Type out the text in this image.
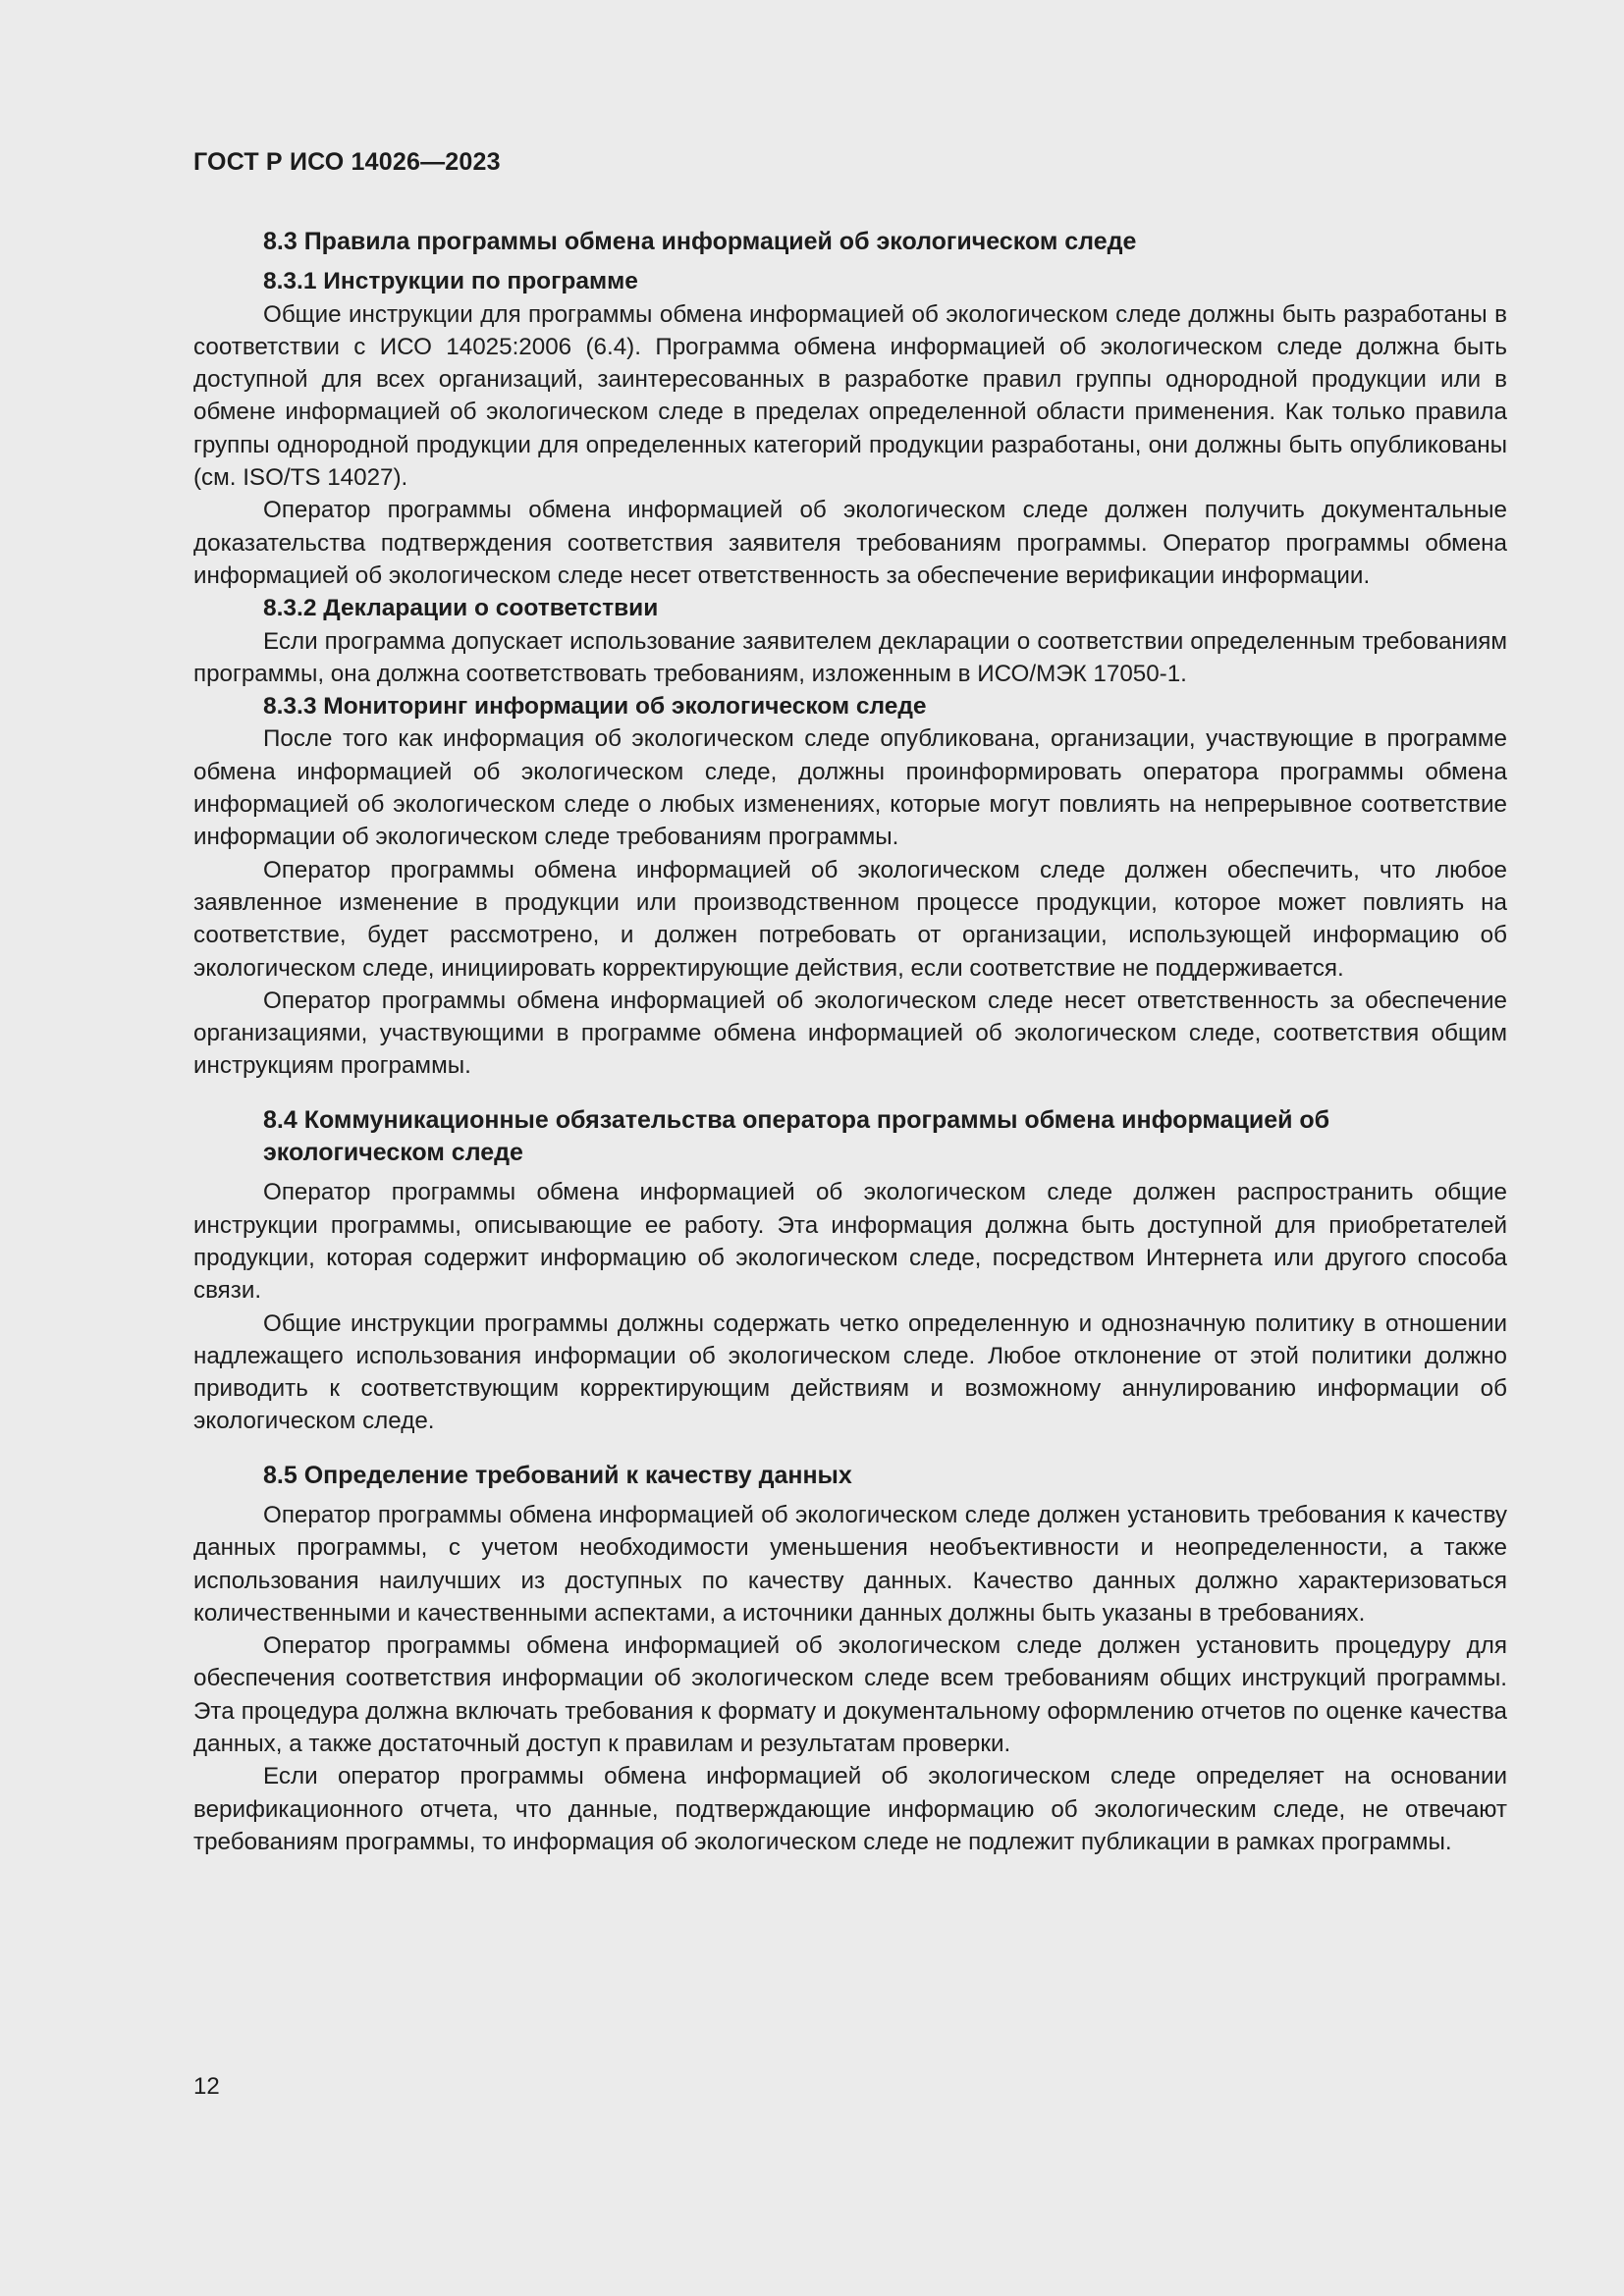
ГОСТ Р ИСО 14026—2023
8.3 Правила программы обмена информацией об экологическом следе
8.3.1 Инструкции по программе

Общие инструкции для программы обмена информацией об экологическом следе должны быть разработаны в соответствии с ИСО 14025:2006 (6.4). Программа обмена информацией об экологическом следе должна быть доступной для всех организаций, заинтересованных в разработке правил группы однородной продукции или в обмене информацией об экологическом следе в пределах определенной области применения. Как только правила группы однородной продукции для определенных категорий продукции разработаны, они должны быть опубликованы (см. ISO/TS 14027).

Оператор программы обмена информацией об экологическом следе должен получить документальные доказательства подтверждения соответствия заявителя требованиям программы. Оператор программы обмена информацией об экологическом следе несет ответственность за обеспечение верификации информации.

8.3.2 Декларации о соответствии

Если программа допускает использование заявителем декларации о соответствии определенным требованиям программы, она должна соответствовать требованиям, изложенным в ИСО/МЭК 17050-1.

8.3.3 Мониторинг информации об экологическом следе

После того как информация об экологическом следе опубликована, организации, участвующие в программе обмена информацией об экологическом следе, должны проинформировать оператора программы обмена информацией об экологическом следе о любых изменениях, которые могут повлиять на непрерывное соответствие информации об экологическом следе требованиям программы.

Оператор программы обмена информацией об экологическом следе должен обеспечить, что любое заявленное изменение в продукции или производственном процессе продукции, которое может повлиять на соответствие, будет рассмотрено, и должен потребовать от организации, использующей информацию об экологическом следе, инициировать корректирующие действия, если соответствие не поддерживается.

Оператор программы обмена информацией об экологическом следе несет ответственность за обеспечение организациями, участвующими в программе обмена информацией об экологическом следе, соответствия общим инструкциям программы.

8.4 Коммуникационные обязательства оператора программы обмена информацией об экологическом следе

Оператор программы обмена информацией об экологическом следе должен распространить общие инструкции программы, описывающие ее работу. Эта информация должна быть доступной для приобретателей продукции, которая содержит информацию об экологическом следе, посредством Интернета или другого способа связи.

Общие инструкции программы должны содержать четко определенную и однозначную политику в отношении надлежащего использования информации об экологическом следе. Любое отклонение от этой политики должно приводить к соответствующим корректирующим действиям и возможному аннулированию информации об экологическом следе.

8.5 Определение требований к качеству данных

Оператор программы обмена информацией об экологическом следе должен установить требования к качеству данных программы, с учетом необходимости уменьшения необъективности и неопределенности, а также использования наилучших из доступных по качеству данных. Качество данных должно характеризоваться количественными и качественными аспектами, а источники данных должны быть указаны в требованиях.

Оператор программы обмена информацией об экологическом следе должен установить процедуру для обеспечения соответствия информации об экологическом следе всем требованиям общих инструкций программы. Эта процедура должна включать требования к формату и документальному оформлению отчетов по оценке качества данных, а также достаточный доступ к правилам и результатам проверки.

Если оператор программы обмена информацией об экологическом следе определяет на основании верификационного отчета, что данные, подтверждающие информацию об экологическим следе, не отвечают требованиям программы, то информация об экологическом следе не подлежит публикации в рамках программы.

12
